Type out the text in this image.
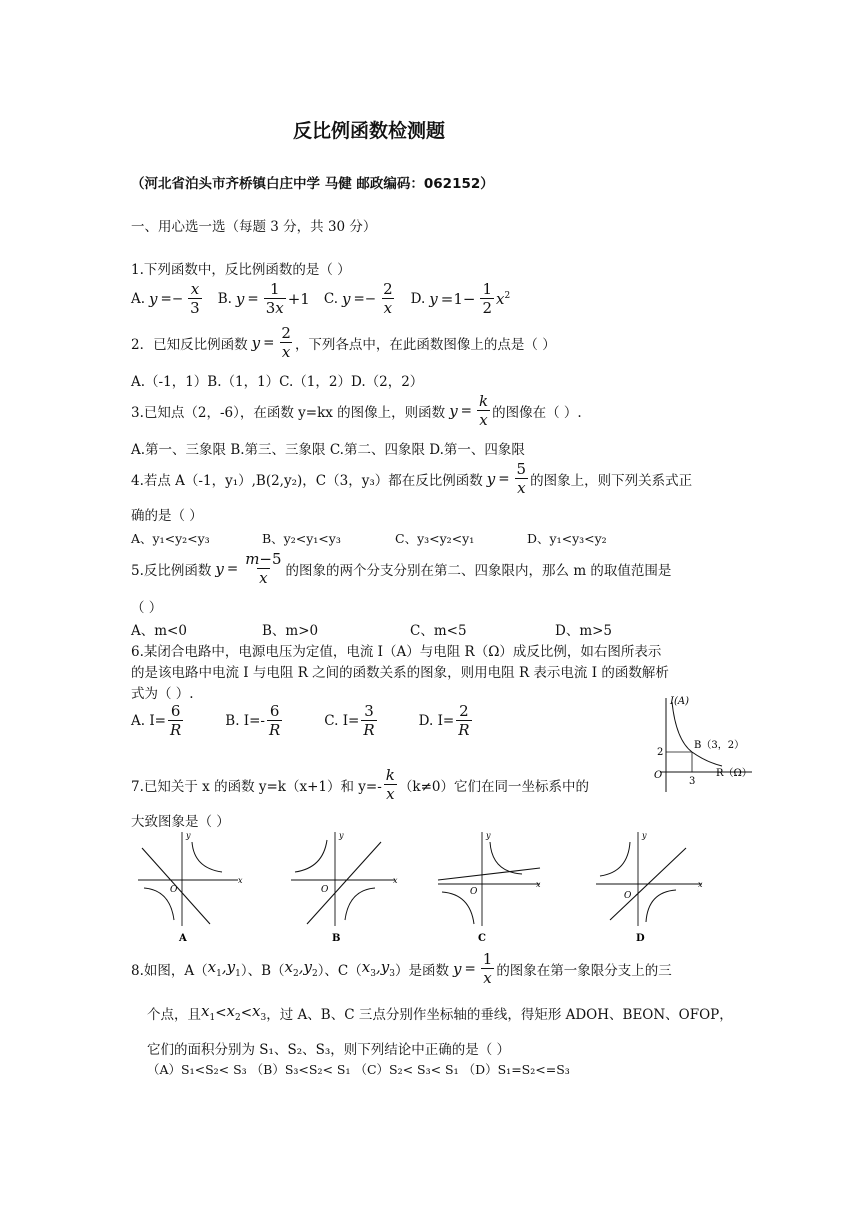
反比例函数检测题
（河北省泊头市齐桥镇白庄中学 马健 邮政编码：062152）
一、用心选一选（每题 3 分，共 30 分）
1.下列函数中，反比例函数的是（ ）
A. $y =- \frac{x}{3} B$. $y = \frac{1}{3x} +1$ C. $y =- \frac{2}{x} D$. $y =1- \frac{1}{2} x^2$
2．已知反比例函数 $y = \frac{2}{x}$ ，下列各点中，在此函数图像上的点是（ ）
A.（-1，1）B.（1，1）C.（1，2）D.（2，2）
3.已知点（2，-6），在函数 y=kx 的图像上，则函数 $y = \frac{k}{x}$ 的图像在（ ）.
A.第一、三象限 B.第三、三象限 C.第二、四象限 D.第一、四象限
4.若点 A（-1，y₁）,B(2,y₂)，C（3，y₃）都在反比例函数 $y = \frac{5}{x}$ 的图象上，则下列关系式正
确的是（ ）
A、y₁<y₂<y₃	B、y₂<y₁<y₃	C、y₃<y₂<y₁	D、y₁<y₃<y₂
5.反比例函数 $y = \frac{m-5}{x}$ 的图象的两个分支分别在第二、四象限内，那么 m 的取值范围是
（ ）
A、m<0	B、m>0	C、m<5	D、m>5
6.某闭合电路中，电源电压为定值，电流 I（A）与电阻 R（Ω）成反比例，如右图所表示
的是该电路中电流 I 与电阻 R 之间的函数关系的图象，则用电阻 R 表示电流 I 的函数解析
式为（ ）.
A. $I= \frac{6}{R}$	B. $I=- \frac{6}{R}$	C. $I= \frac{3}{R}$	D. $I= \frac{2}{R}$
I(A)
R（Ω）
O
2
3
B（3，2）
7.已知关于 x 的函数 y=k（x+1）和 $y=- \frac{k}{x} (k\ne 0)$它们在同一坐标系中的
大致图象是（ ）
x
y
O
A
x
y
O
B
x
y
O
C
x
y
O
D
8.如图，A（ $x_1,y_1$ ）、B（ $x_2,y_2$ ）、C（ $x_3,y_3$ ）是函数 $y = \frac{1}{x}$ 的图象在第一象限分支上的三
个点，且 $x_1 < x_2 < x_3$ ，过 A、B、C 三点分别作坐标轴的垂线，得矩形 ADOH、BEON、OFOP，
它们的面积分别为 S₁、S₂、S₃，则下列结论中正确的是（ ）
（A）S₁<S₂< S₃ （B）S₃<S₂< S₁ （C）S₂< S₃< S₁ （D）S₁=S₂<=S₃
